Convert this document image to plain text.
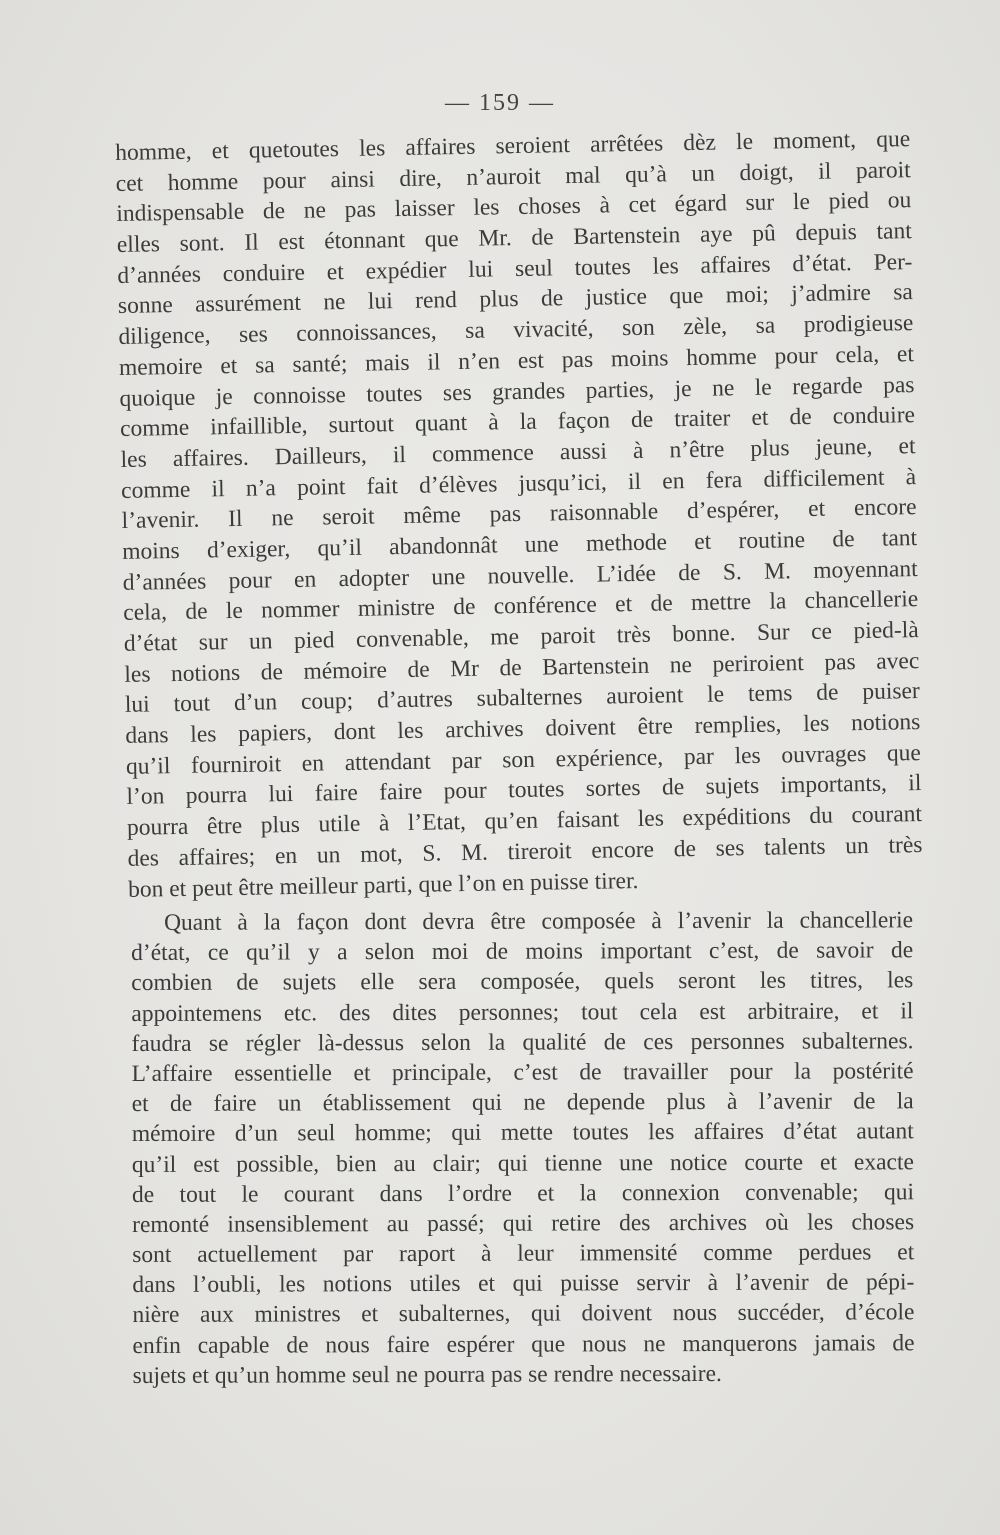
— 159 —
homme, et quetoutes les affaires seroient arrêtées dèz le moment, que
cet homme pour ainsi dire, n’auroit mal qu’à un doigt, il paroit
indispensable de ne pas laisser les choses à cet égard sur le pied ou
elles sont. Il est étonnant que Mr. de Bartenstein aye pû depuis tant
d’années conduire et expédier lui seul toutes les affaires d’état. Per-
sonne assurément ne lui rend plus de justice que moi; j’admire sa
diligence, ses connoissances, sa vivacité, son zèle, sa prodigieuse
memoire et sa santé; mais il n’en est pas moins homme pour cela, et
quoique je connoisse toutes ses grandes parties, je ne le regarde pas
comme infaillible, surtout quant à la façon de traiter et de conduire
les affaires. Dailleurs, il commence aussi à n’être plus jeune, et
comme il n’a point fait d’élèves jusqu’ici, il en fera difficilement à
l’avenir. Il ne seroit même pas raisonnable d’espérer, et encore
moins d’exiger, qu’il abandonnât une methode et routine de tant
d’années pour en adopter une nouvelle. L’idée de S. M. moyennant
cela, de le nommer ministre de conférence et de mettre la chancellerie
d’état sur un pied convenable, me paroit très bonne. Sur ce pied-là
les notions de mémoire de Mr de Bartenstein ne periroient pas avec
lui tout d’un coup; d’autres subalternes auroient le tems de puiser
dans les papiers, dont les archives doivent être remplies, les notions
qu’il fourniroit en attendant par son expérience, par les ouvrages que
l’on pourra lui faire faire pour toutes sortes de sujets importants, il
pourra être plus utile à l’Etat, qu’en faisant les expéditions du courant
des affaires; en un mot, S. M. tireroit encore de ses talents un très
bon et peut être meilleur parti, que l’on en puisse tirer.
Quant à la façon dont devra être composée à l’avenir la chancellerie
d’état, ce qu’il y a selon moi de moins important c’est, de savoir de
combien de sujets elle sera composée, quels seront les titres, les
appointemens etc. des dites personnes; tout cela est arbitraire, et il
faudra se régler là-dessus selon la qualité de ces personnes subalternes.
L’affaire essentielle et principale, c’est de travailler pour la postérité
et de faire un établissement qui ne depende plus à l’avenir de la
mémoire d’un seul homme; qui mette toutes les affaires d’état autant
qu’il est possible, bien au clair; qui tienne une notice courte et exacte
de tout le courant dans l’ordre et la connexion convenable; qui
remonté insensiblement au passé; qui retire des archives où les choses
sont actuellement par raport à leur immensité comme perdues et
dans l’oubli, les notions utiles et qui puisse servir à l’avenir de pépi-
nière aux ministres et subalternes, qui doivent nous succéder, d’école
enfin capable de nous faire espérer que nous ne manquerons jamais de
sujets et qu’un homme seul ne pourra pas se rendre necessaire.
